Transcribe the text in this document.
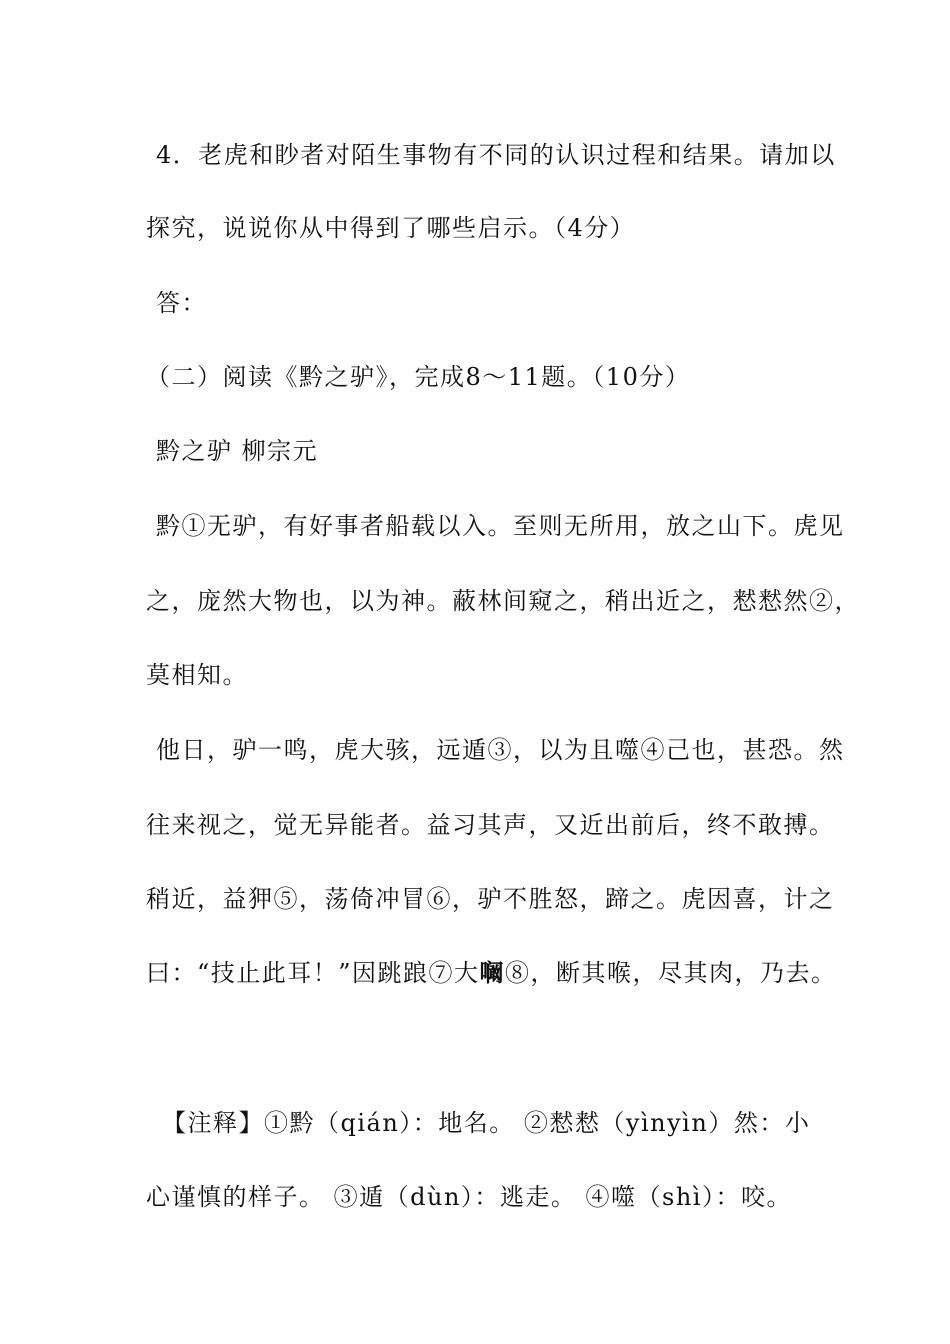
4．老虎和眇者对陌生事物有不同的认识过程和结果。请加以
探究，说说你从中得到了哪些启示。（4分）
答：
（二）阅读《黔之驴》，完成8～11题。（10分）
黔之驴 柳宗元
黔①无驴，有好事者船载以入。至则无所用，放之山下。虎见
之，庞然大物也，以为神。蔽林间窥之，稍出近之，慭慭然②，
莫相知。
他日，驴一鸣，虎大骇，远遁③，以为且噬④己也，甚恐。然
往来视之，觉无异能者。益习其声，又近出前后，终不敢搏。
稍近，益狎⑤，荡倚冲冒⑥，驴不胜怒，蹄之。虎因喜，计之
曰：“技止此耳！”因跳踉⑦大㘎⑧，断其喉，尽其肉，乃去。
【注释】①黔（qián）：地名。 ②慭慭（yìnyìn）然：小
心谨慎的样子。 ③遁（dùn）：逃走。 ④噬（shì）：咬。
